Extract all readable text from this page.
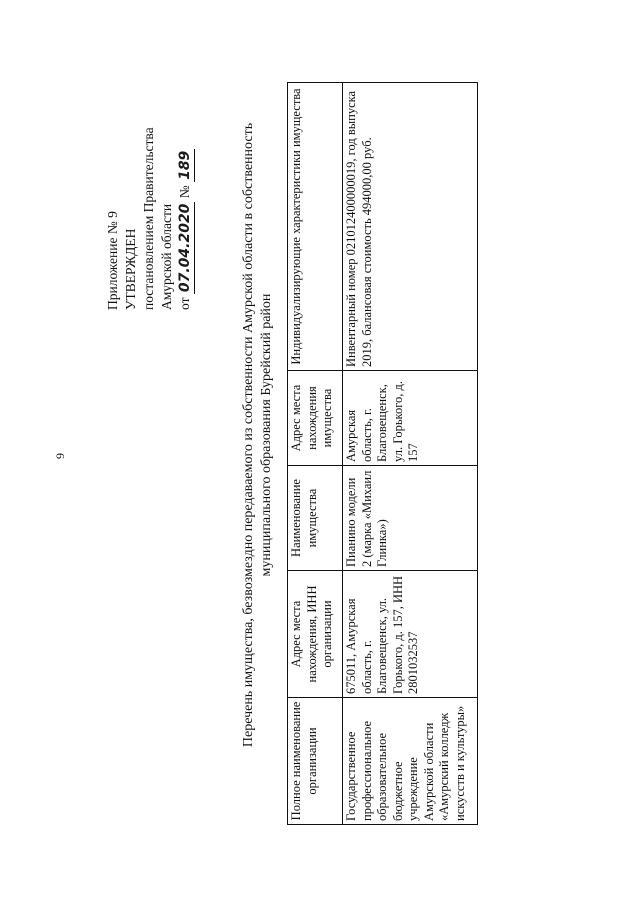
9
Приложение № 9 УТВЕРЖДЕН постановлением Правительства Амурской области от 07.04.2020 № 189	Перечень имущества, безвозмездно передаваемого из собственности Амурской области в собственность муниципального образования Бурейский район
Полное наименование организации	Адрес места нахождения, ИНН организации	Наименование имущества	Адрес места нахождения имущества	Индивидуализирующие характеристики имущества
Государственное профессиональное образовательное бюджетное учреждение Амурской области «Амурский колледж искусств и культуры»	675011, Амурская область, г. Благовещенск, ул. Горького, д. 157, ИНН 2801032537	Пианино модели 2 (марка «Михаил Глинка»)	Амурская область, г. Благовещенск, ул. Горького, д. 157	Инвентарный номер 021012400000019, год выпуска 2019, балансовая стоимость 494000,00 руб.
